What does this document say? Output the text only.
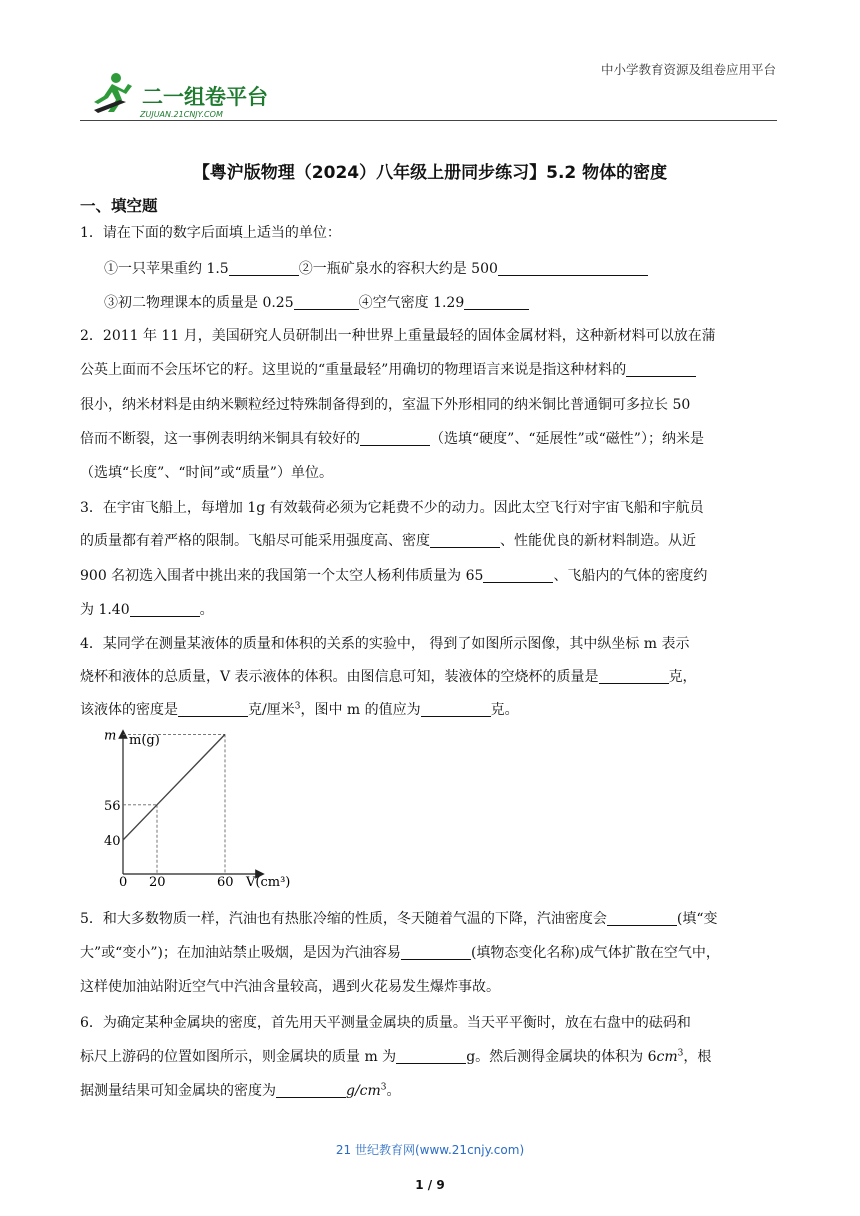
中小学教育资源及组卷应用平台
二一组卷平台
ZUJUAN.21CNJY.COM
【粤沪版物理（2024）八年级上册同步练习】5.2 物体的密度
一、填空题
1．请在下面的数字后面填上适当的单位：
①一只苹果重约 1.5	②一瓶矿泉水的容积大约是 500
③初二物理课本的质量是 0.25	④空气密度 1.29
2．2011 年 11 月，美国研究人员研制出一种世界上重量最轻的固体金属材料，这种新材料可以放在蒲
公英上面而不会压坏它的籽。这里说的“重量最轻”用确切的物理语言来说是指这种材料的
很小，纳米材料是由纳米颗粒经过特殊制备得到的，室温下外形相同的纳米铜比普通铜可多拉长 50
倍而不断裂，这一事例表明纳米铜具有较好的	（选填“硬度”、“延展性”或“磁性”）；纳米是
（选填“长度”、“时间”或“质量”）单位。
3．在宇宙飞船上，每增加 1g 有效载荷必须为它耗费不少的动力。因此太空飞行对宇宙飞船和宇航员
的质量都有着严格的限制。飞船尽可能采用强度高、密度	、性能优良的新材料制造。从近
900 名初选入围者中挑出来的我国第一个太空人杨利伟质量为 65	、飞船内的气体的密度约
为 1.40	。
4．某同学在测量某液体的质量和体积的关系的实验中， 得到了如图所示图像，其中纵坐标 m 表示
烧杯和液体的总质量，V 表示液体的体积。由图信息可知，装液体的空烧杯的质量是	克，
该液体的密度是	克/厘米$^3$，图中 m 的值应为	克。
m(g)
V(cm³)
0 20	60
40
56
m
5．和大多数物质一样，汽油也有热胀冷缩的性质，冬天随着气温的下降，汽油密度会	(填“变
大”或“变小”)；在加油站禁止吸烟，是因为汽油容易	(填物态变化名称)成气体扩散在空气中，
这样使加油站附近空气中汽油含量较高，遇到火花易发生爆炸事故。
6．为确定某种金属块的密度，首先用天平测量金属块的质量。当天平平衡时，放在右盘中的砝码和
标尺上游码的位置如图所示，则金属块的质量 m 为	g。然后测得金属块的体积为 $6cm^3$，根
据测量结果可知金属块的密度为	$g/cm^3$。
21 世纪教育网(www.21cnjy.com)
1 / 9
